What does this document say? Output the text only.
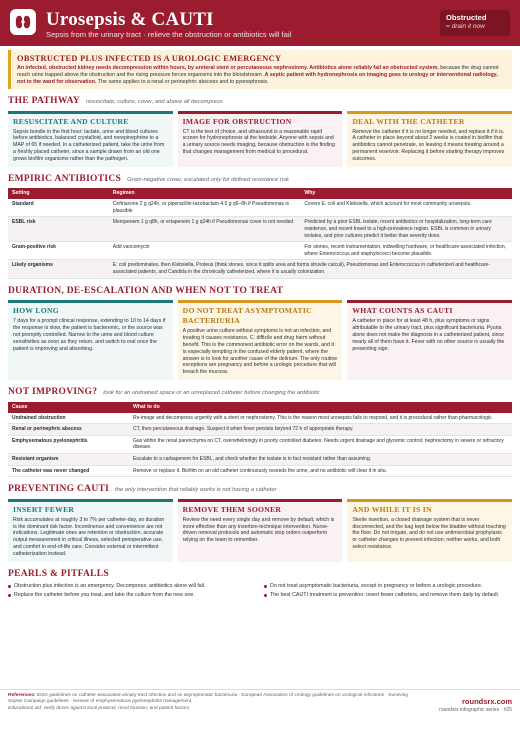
Urosepsis & CAUTI
Sepsis from the urinary tract · relieve the obstruction or antibiotics will fail
Obstructed
= drain it now
OBSTRUCTED PLUS INFECTED IS A UROLOGIC EMERGENCY

An infected, obstructed kidney needs decompression within hours, by ureteral stent or percutaneous nephrostomy. Antibiotics alone reliably fail an obstructed system, because the drug cannot reach urine trapped above the obstruction and the rising pressure forces organisms into the bloodstream. A septic patient with hydronephrosis on imaging goes to urology or interventional radiology, not to the ward for observation. The same applies to a renal or perinephric abscess and to pyonephrosis.

THE PATHWAY resuscitate, culture, cover, and above all decompress
RESUSCITATE AND CULTURE

Sepsis bundle in the first hour: lactate, urine and blood cultures before antibiotics, balanced crystalloid, and norepinephrine to a MAP of 65 if needed. In a catheterized patient, take the urine from a freshly placed catheter, since a sample drawn from an old one grows biofilm organisms rather than the pathogen.

IMAGE FOR OBSTRUCTION

CT is the test of choice, and ultrasound is a reasonable rapid screen for hydronephrosis at the bedside. Anyone with sepsis and a urinary source needs imaging, because obstruction is the finding that changes management from medical to procedural.

DEAL WITH THE CATHETER

Remove the catheter if it is no longer needed, and replace it if it is. A catheter in place beyond about 2 weeks is coated in biofilm that antibiotics cannot penetrate, so leaving it means treating around a permanent reservoir. Replacing it before starting therapy improves outcomes.

EMPIRIC ANTIBIOTICS Gram-negative cover, escalated only for defined resistance risk
Setting	Regimen	Why
Standard	Ceftriaxone 2 g q24h, or piperacillin-tazobactam 4.5 g q6–8h if Pseudomonas is plausible	Covers E. coli and Klebsiella, which account for most community urosepsis.
ESBL risk	Meropenem 1 g q8h, or ertapenem 1 g q24h if Pseudomonas cover is not needed	Predicted by a prior ESBL isolate, recent antibiotics or hospitalization, long-term care residence, and recent travel to a high-prevalence region. ESBL is common in urinary isolates, and prior cultures predict it better than severity does.
Gram-positive risk	Add vancomycin	For stones, recent instrumentation, indwelling hardware, or healthcare-associated infection, where Enterococcus and staphylococci become plausible.
Likely organisms	E. coli predominates, then Klebsiella, Proteus (think stones, since it splits urea and forms struvite calculi), Pseudomonas and Enterococcus in catheterized and healthcare-associated patients, and Candida in the chronically catheterized, where it is usually colonization.	
DURATION, DE-ESCALATION AND WHEN NOT TO TREAT
HOW LONG

7 days for a prompt clinical response, extending to 10 to 14 days if the response is slow, the patient is bacteremic, or the source was not promptly controlled. Narrow to the urine and blood culture sensitivities as soon as they return, and switch to oral once the patient is improving and absorbing.

DO NOT TREAT ASYMPTOMATIC BACTERIURIA

A positive urine culture without symptoms is not an infection, and treating it causes resistance, C. difficile and drug harm without benefit. This is the commonest antibiotic error on the wards, and it is especially tempting in the confused elderly patient, where the answer is to look for another cause of the delirium. The only routine exceptions are pregnancy and before a urologic procedure that will breach the mucosa.

WHAT COUNTS AS CAUTI

A catheter in place for at least 48 h, plus symptoms or signs attributable to the urinary tract, plus significant bacteriuria. Pyuria alone does not make the diagnosis in a catheterized patient, since nearly all of them have it. Fever with no other source is usually the presenting sign.

NOT IMPROVING? look for an undrained space or an unreplaced catheter before changing the antibiotic
Cause	What to do
Undrained obstruction	Re-image and decompress urgently with a stent or nephrostomy. This is the reason most urosepsis fails to respond, and it is procedural rather than pharmacologic.
Renal or perinephric abscess	CT, then percutaneous drainage. Suspect it when fever persists beyond 72 h of appropriate therapy.
Emphysematous pyelonephritis	Gas within the renal parenchyma on CT, overwhelmingly in poorly controlled diabetes. Needs urgent drainage and glycemic control; nephrectomy in severe or refractory disease.
Resistant organism	Escalate to a carbapenem for ESBL, and check whether the isolate is in fact resistant rather than assuming.
The catheter was never changed	Remove or replace it. Biofilm on an old catheter continuously reseeds the urine, and no antibiotic will clear it in situ.
PREVENTING CAUTI the only intervention that reliably works is not having a catheter
INSERT FEWER

Risk accumulates at roughly 3 to 7% per catheter-day, so duration is the dominant risk factor. Incontinence and convenience are not indications. Legitimate ones are retention or obstruction, accurate output measurement in critical illness, selected perioperative use, and comfort in end-of-life care. Consider external or intermittent catheterization instead.

REMOVE THEM SOONER

Review the need every single day and remove by default, which is more effective than any insertion-technique intervention. Nurse-driven removal protocols and automatic stop orders outperform relying on the team to remember.

AND WHILE IT IS IN

Sterile insertion, a closed drainage system that is never disconnected, and the bag kept below the bladder without touching the floor. Do not irrigate, and do not use antimicrobial prophylaxis or catheter changes to prevent infection; neither works, and both select resistance.

PEARLS & PITFALLS
Obstruction plus infection is an emergency. Decompress; antibiotics alone will fail.
Replace the catheter before you treat, and take the culture from the new one.
Do not treat asymptomatic bacteriuria, except in pregnancy or before a urologic procedure.
The best CAUTI treatment is prevention: insert fewer catheters, and remove them daily by default.
References: IDSA guidelines on catheter-associated urinary tract infection and on asymptomatic bacteriuria · European Association of Urology guidelines on urological infections · Surviving Sepsis Campaign guidelines · reviews of emphysematous pyelonephritis management.
Educational aid; verify doses against local protocol, renal function, and patient factors.
roundsrx.com
roundsrx infographic series · #25
